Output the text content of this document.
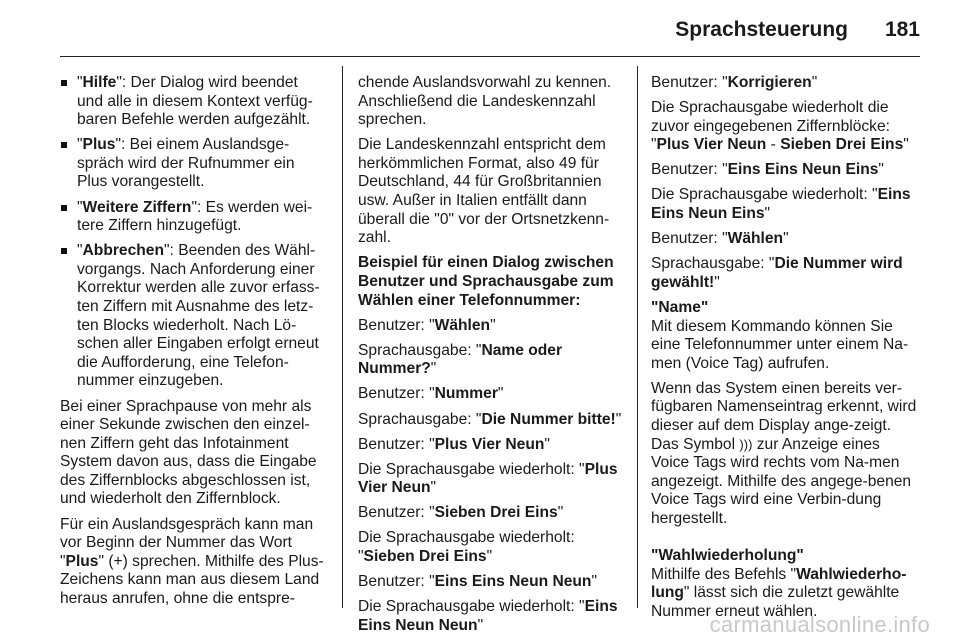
Sprachsteuerung 181
"Hilfe": Der Dialog wird beendet und alle in diesem Kontext verfüg-baren Befehle werden aufgezählt.
"Plus": Bei einem Auslandsge-spräch wird der Rufnummer ein Plus vorangestellt.
"Weitere Ziffern": Es werden wei-tere Ziffern hinzugefügt.
"Abbrechen": Beenden des Wähl-vorgangs. Nach Anforderung einer Korrektur werden alle zuvor erfass-ten Ziffern mit Ausnahme des letz-ten Blocks wiederholt. Nach Lö-schen aller Eingaben erfolgt erneut die Aufforderung, eine Telefon-nummer einzugeben.

Bei einer Sprachpause von mehr als einer Sekunde zwischen den einzel-nen Ziffern geht das Infotainment System davon aus, dass die Eingabe des Ziffernblocks abgeschlossen ist, und wiederholt den Ziffernblock.

Für ein Auslandsgespräch kann man vor Beginn der Nummer das Wort "Plus" (+) sprechen. Mithilfe des Plus-Zeichens kann man aus diesem Land heraus anrufen, ohne die entspre-

chende Auslandsvorwahl zu kennen. Anschließend die Landeskennzahl sprechen.

Die Landeskennzahl entspricht dem herkömmlichen Format, also 49 für Deutschland, 44 für Großbritannien usw. Außer in Italien entfällt dann überall die "0" vor der Ortsnetzkenn-zahl.

Beispiel für einen Dialog zwischen Benutzer und Sprachausgabe zum Wählen einer Telefonnummer:

Benutzer: "Wählen"

Sprachausgabe: "Name oder Nummer?"

Benutzer: "Nummer"

Sprachausgabe: "Die Nummer bitte!"

Benutzer: "Plus Vier Neun"

Die Sprachausgabe wiederholt: "Plus Vier Neun"

Benutzer: "Sieben Drei Eins"

Die Sprachausgabe wiederholt: "Sieben Drei Eins"

Benutzer: "Eins Eins Neun Neun"

Die Sprachausgabe wiederholt: "Eins Eins Neun Neun"

Benutzer: "Korrigieren"

Die Sprachausgabe wiederholt die zuvor eingegebenen Ziffernblöcke: "Plus Vier Neun - Sieben Drei Eins"

Benutzer: "Eins Eins Neun Eins"

Die Sprachausgabe wiederholt: "Eins Eins Neun Eins"

Benutzer: "Wählen"

Sprachausgabe: "Die Nummer wird gewählt!"

"Name"
Mit diesem Kommando können Sie eine Telefonnummer unter einem Na-men (Voice Tag) aufrufen.

Wenn das System einen bereits ver-fügbaren Namenseintrag erkennt, wird dieser auf dem Display ange-zeigt. Das Symbol ))) zur Anzeige eines Voice Tags wird rechts vom Na-men angezeigt. Mithilfe des angege-benen Voice Tags wird eine Verbin-dung hergestellt.

"Wahlwiederholung"
Mithilfe des Befehls "Wahlwiederho-lung" lässt sich die zuletzt gewählte Nummer erneut wählen.

carmanualsonline.info
